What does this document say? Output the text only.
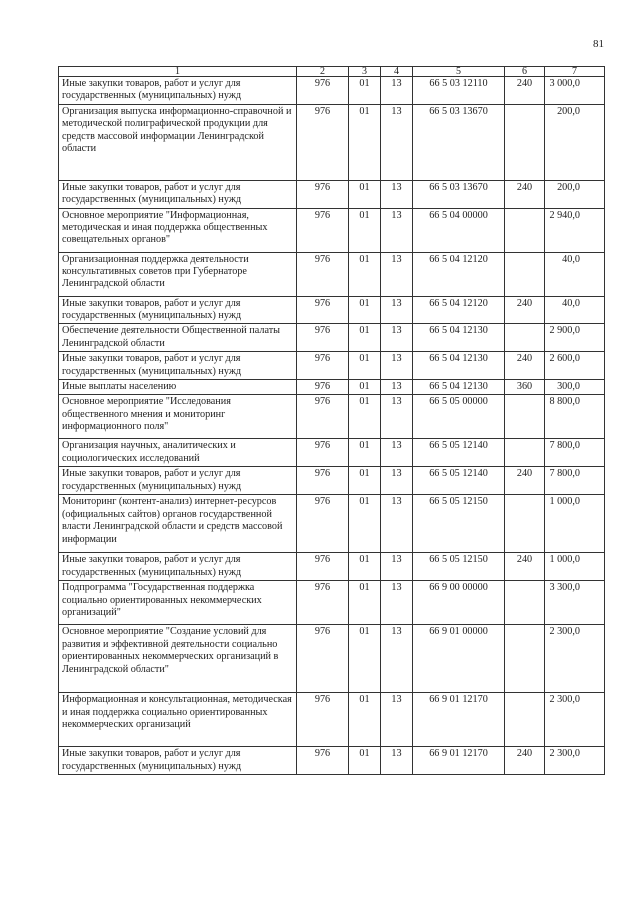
81
1	2	3	4	5	6	7
Иные закупки товаров, работ и услуг для государственных (муниципальных) нужд	976	01	13	66 5 03 12110	240	3 000,0
Организация выпуска информационно-справочной и методической полиграфической продукции для средств массовой информации Ленинградской области	976	01	13	66 5 03 13670		200,0
Иные закупки товаров, работ и услуг для государственных (муниципальных) нужд	976	01	13	66 5 03 13670	240	200,0
Основное мероприятие "Информационная, методическая и иная поддержка общественных совещательных органов"	976	01	13	66 5 04 00000		2 940,0
Организационная поддержка деятельности консультативных советов при Губернаторе Ленинградской области	976	01	13	66 5 04 12120		40,0
Иные закупки товаров, работ и услуг для государственных (муниципальных) нужд	976	01	13	66 5 04 12120	240	40,0
Обеспечение деятельности Общественной палаты Ленинградской области	976	01	13	66 5 04 12130		2 900,0
Иные закупки товаров, работ и услуг для государственных (муниципальных) нужд	976	01	13	66 5 04 12130	240	2 600,0
Иные выплаты населению	976	01	13	66 5 04 12130	360	300,0
Основное мероприятие "Исследования общественного мнения и мониторинг информационного поля"	976	01	13	66 5 05 00000		8 800,0
Организация научных, аналитических и социологических исследований	976	01	13	66 5 05 12140		7 800,0
Иные закупки товаров, работ и услуг для государственных (муниципальных) нужд	976	01	13	66 5 05 12140	240	7 800,0
Мониторинг (контент-анализ) интернет-ресурсов (официальных сайтов) органов государственной власти Ленинградской области и средств массовой информации	976	01	13	66 5 05 12150		1 000,0
Иные закупки товаров, работ и услуг для государственных (муниципальных) нужд	976	01	13	66 5 05 12150	240	1 000,0
Подпрограмма "Государственная поддержка социально ориентированных некоммерческих организаций"	976	01	13	66 9 00 00000		3 300,0
Основное мероприятие "Создание условий для развития и эффективной деятельности социально ориентированных некоммерческих организаций в Ленинградской области"	976	01	13	66 9 01 00000		2 300,0
Информационная и консультационная, методическая и иная поддержка социально ориентированных некоммерческих организаций	976	01	13	66 9 01 12170		2 300,0
Иные закупки товаров, работ и услуг для государственных (муниципальных) нужд	976	01	13	66 9 01 12170	240	2 300,0
